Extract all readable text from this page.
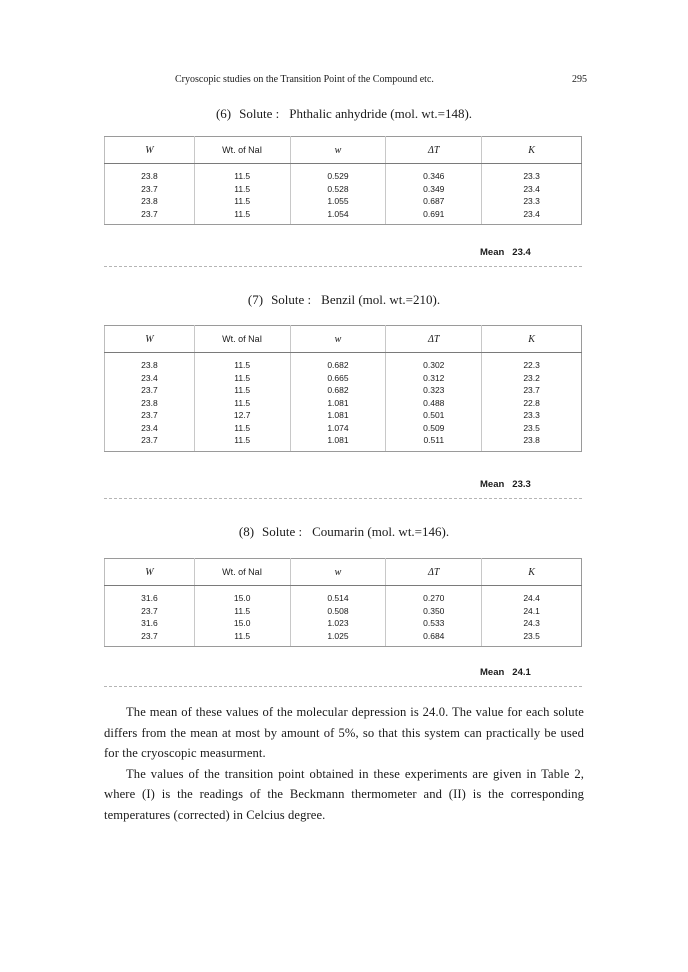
Cryoscopic studies on the Transition Point of the Compound etc.	295
(6) Solute : Phthalic anhydride (mol. wt.=148).
W	Wt. of NaI	w	ΔT	K
23.8	11.5	0.529	0.346	23.3
23.7	11.5	0.528	0.349	23.4
23.8	11.5	1.055	0.687	23.3
23.7	11.5	1.054	0.691	23.4
Mean 23.4
(7) Solute : Benzil (mol. wt.=210).
W	Wt. of NaI	w	ΔT	K
23.8	11.5	0.682	0.302	22.3
23.4	11.5	0.665	0.312	23.2
23.7	11.5	0.682	0.323	23.7
23.8	11.5	1.081	0.488	22.8
23.7	12.7	1.081	0.501	23.3
23.4	11.5	1.074	0.509	23.5
23.7	11.5	1.081	0.511	23.8
Mean 23.3
(8) Solute : Coumarin (mol. wt.=146).
W	Wt. of NaI	w	ΔT	K
31.6	15.0	0.514	0.270	24.4
23.7	11.5	0.508	0.350	24.1
31.6	15.0	1.023	0.533	24.3
23.7	11.5	1.025	0.684	23.5
Mean 24.1

The mean of these values of the molecular depression is 24.0. The value for each solute differs from the mean at most by amount of 5%, so that this system can practically be used for the cryoscopic measurment.

The values of the transition point obtained in these experiments are given in Table 2, where (I) is the readings of the Beckmann thermometer and (II) is the corresponding temperatures (corrected) in Celcius degree.
